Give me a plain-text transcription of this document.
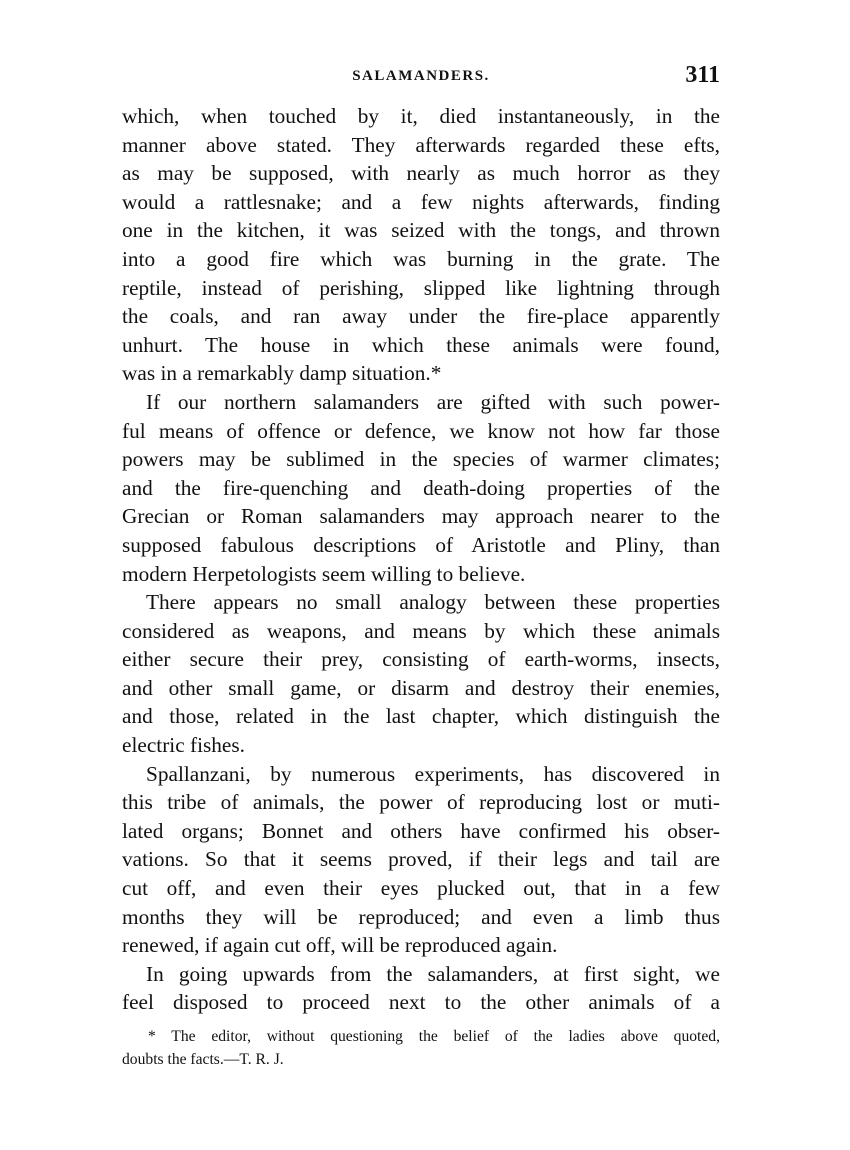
SALAMANDERS.	311

which, when touched by it, died instantaneously, in the
manner above stated. They afterwards regarded these efts,
as may be supposed, with nearly as much horror as they
would a rattlesnake; and a few nights afterwards, finding
one in the kitchen, it was seized with the tongs, and thrown
into a good fire which was burning in the grate. The
reptile, instead of perishing, slipped like lightning through
the coals, and ran away under the fire-place apparently
unhurt. The house in which these animals were found,
was in a remarkably damp situation.*

If our northern salamanders are gifted with such power-
ful means of offence or defence, we know not how far those
powers may be sublimed in the species of warmer climates;
and the fire-quenching and death-doing properties of the
Grecian or Roman salamanders may approach nearer to the
supposed fabulous descriptions of Aristotle and Pliny, than
modern Herpetologists seem willing to believe.

There appears no small analogy between these properties
considered as weapons, and means by which these animals
either secure their prey, consisting of earth-worms, insects,
and other small game, or disarm and destroy their enemies,
and those, related in the last chapter, which distinguish the
electric fishes.

Spallanzani, by numerous experiments, has discovered in
this tribe of animals, the power of reproducing lost or muti-
lated organs; Bonnet and others have confirmed his obser-
vations. So that it seems proved, if their legs and tail are
cut off, and even their eyes plucked out, that in a few
months they will be reproduced; and even a limb thus
renewed, if again cut off, will be reproduced again.

In going upwards from the salamanders, at first sight, we
feel disposed to proceed next to the other animals of a

* The editor, without questioning the belief of the ladies above quoted,
doubts the facts.—T. R. J.
